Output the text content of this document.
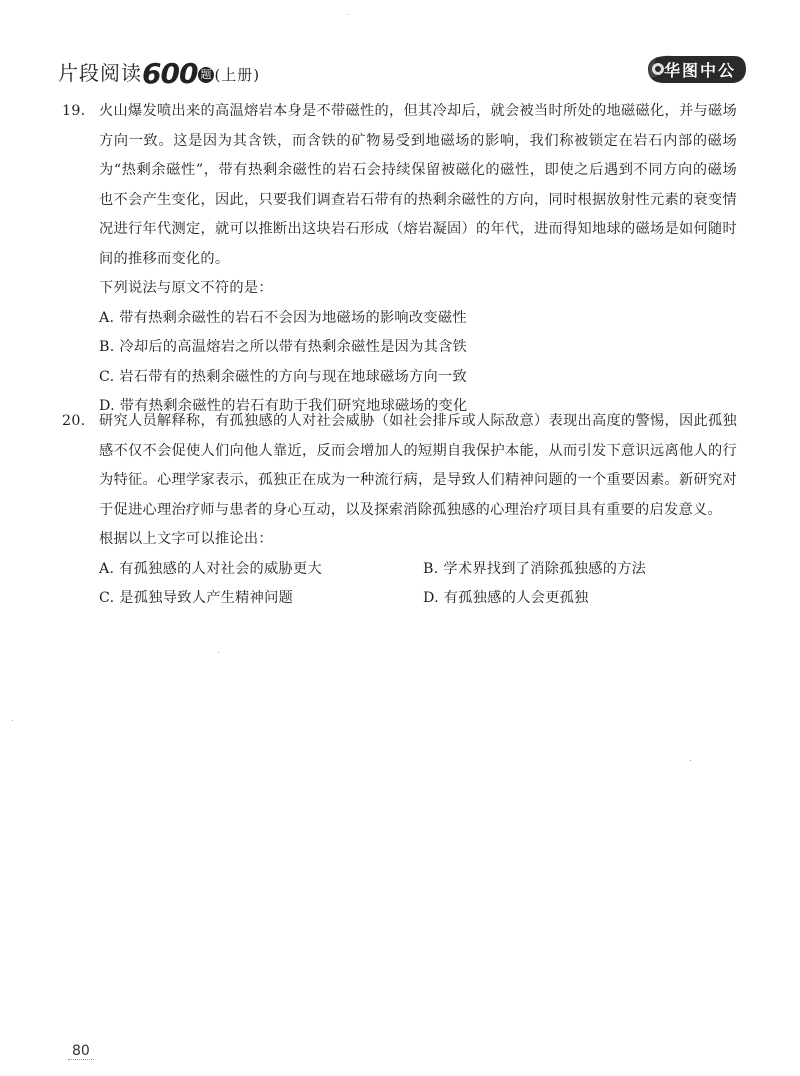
片段阅读600 题 (上册)	华图中公
19. 火山爆发喷出来的高温熔岩本身是不带磁性的，但其冷却后，就会被当时所处的地磁磁化，并与磁场方向一致。这是因为其含铁，而含铁的矿物易受到地磁场的影响，我们称被锁定在岩石内部的磁场为“热剩余磁性”，带有热剩余磁性的岩石会持续保留被磁化的磁性，即使之后遇到不同方向的磁场也不会产生变化，因此，只要我们调查岩石带有的热剩余磁性的方向，同时根据放射性元素的衰变情况进行年代测定，就可以推断出这块岩石形成（熔岩凝固）的年代，进而得知地球的磁场是如何随时间的推移而变化的。
下列说法与原文不符的是：
A. 带有热剩余磁性的岩石不会因为地磁场的影响改变磁性
B. 冷却后的高温熔岩之所以带有热剩余磁性是因为其含铁
C. 岩石带有的热剩余磁性的方向与现在地球磁场方向一致
D. 带有热剩余磁性的岩石有助于我们研究地球磁场的变化
20. 研究人员解释称，有孤独感的人对社会威胁（如社会排斥或人际敌意）表现出高度的警惕，因此孤独感不仅不会促使人们向他人靠近，反而会增加人的短期自我保护本能，从而引发下意识远离他人的行为特征。心理学家表示，孤独正在成为一种流行病，是导致人们精神问题的一个重要因素。新研究对于促进心理治疗师与患者的身心互动，以及探索消除孤独感的心理治疗项目具有重要的启发意义。
根据以上文字可以推论出：
A. 有孤独感的人对社会的威胁更大	B. 学术界找到了消除孤独感的方法
C. 是孤独导致人产生精神问题	D. 有孤独感的人会更孤独
80
